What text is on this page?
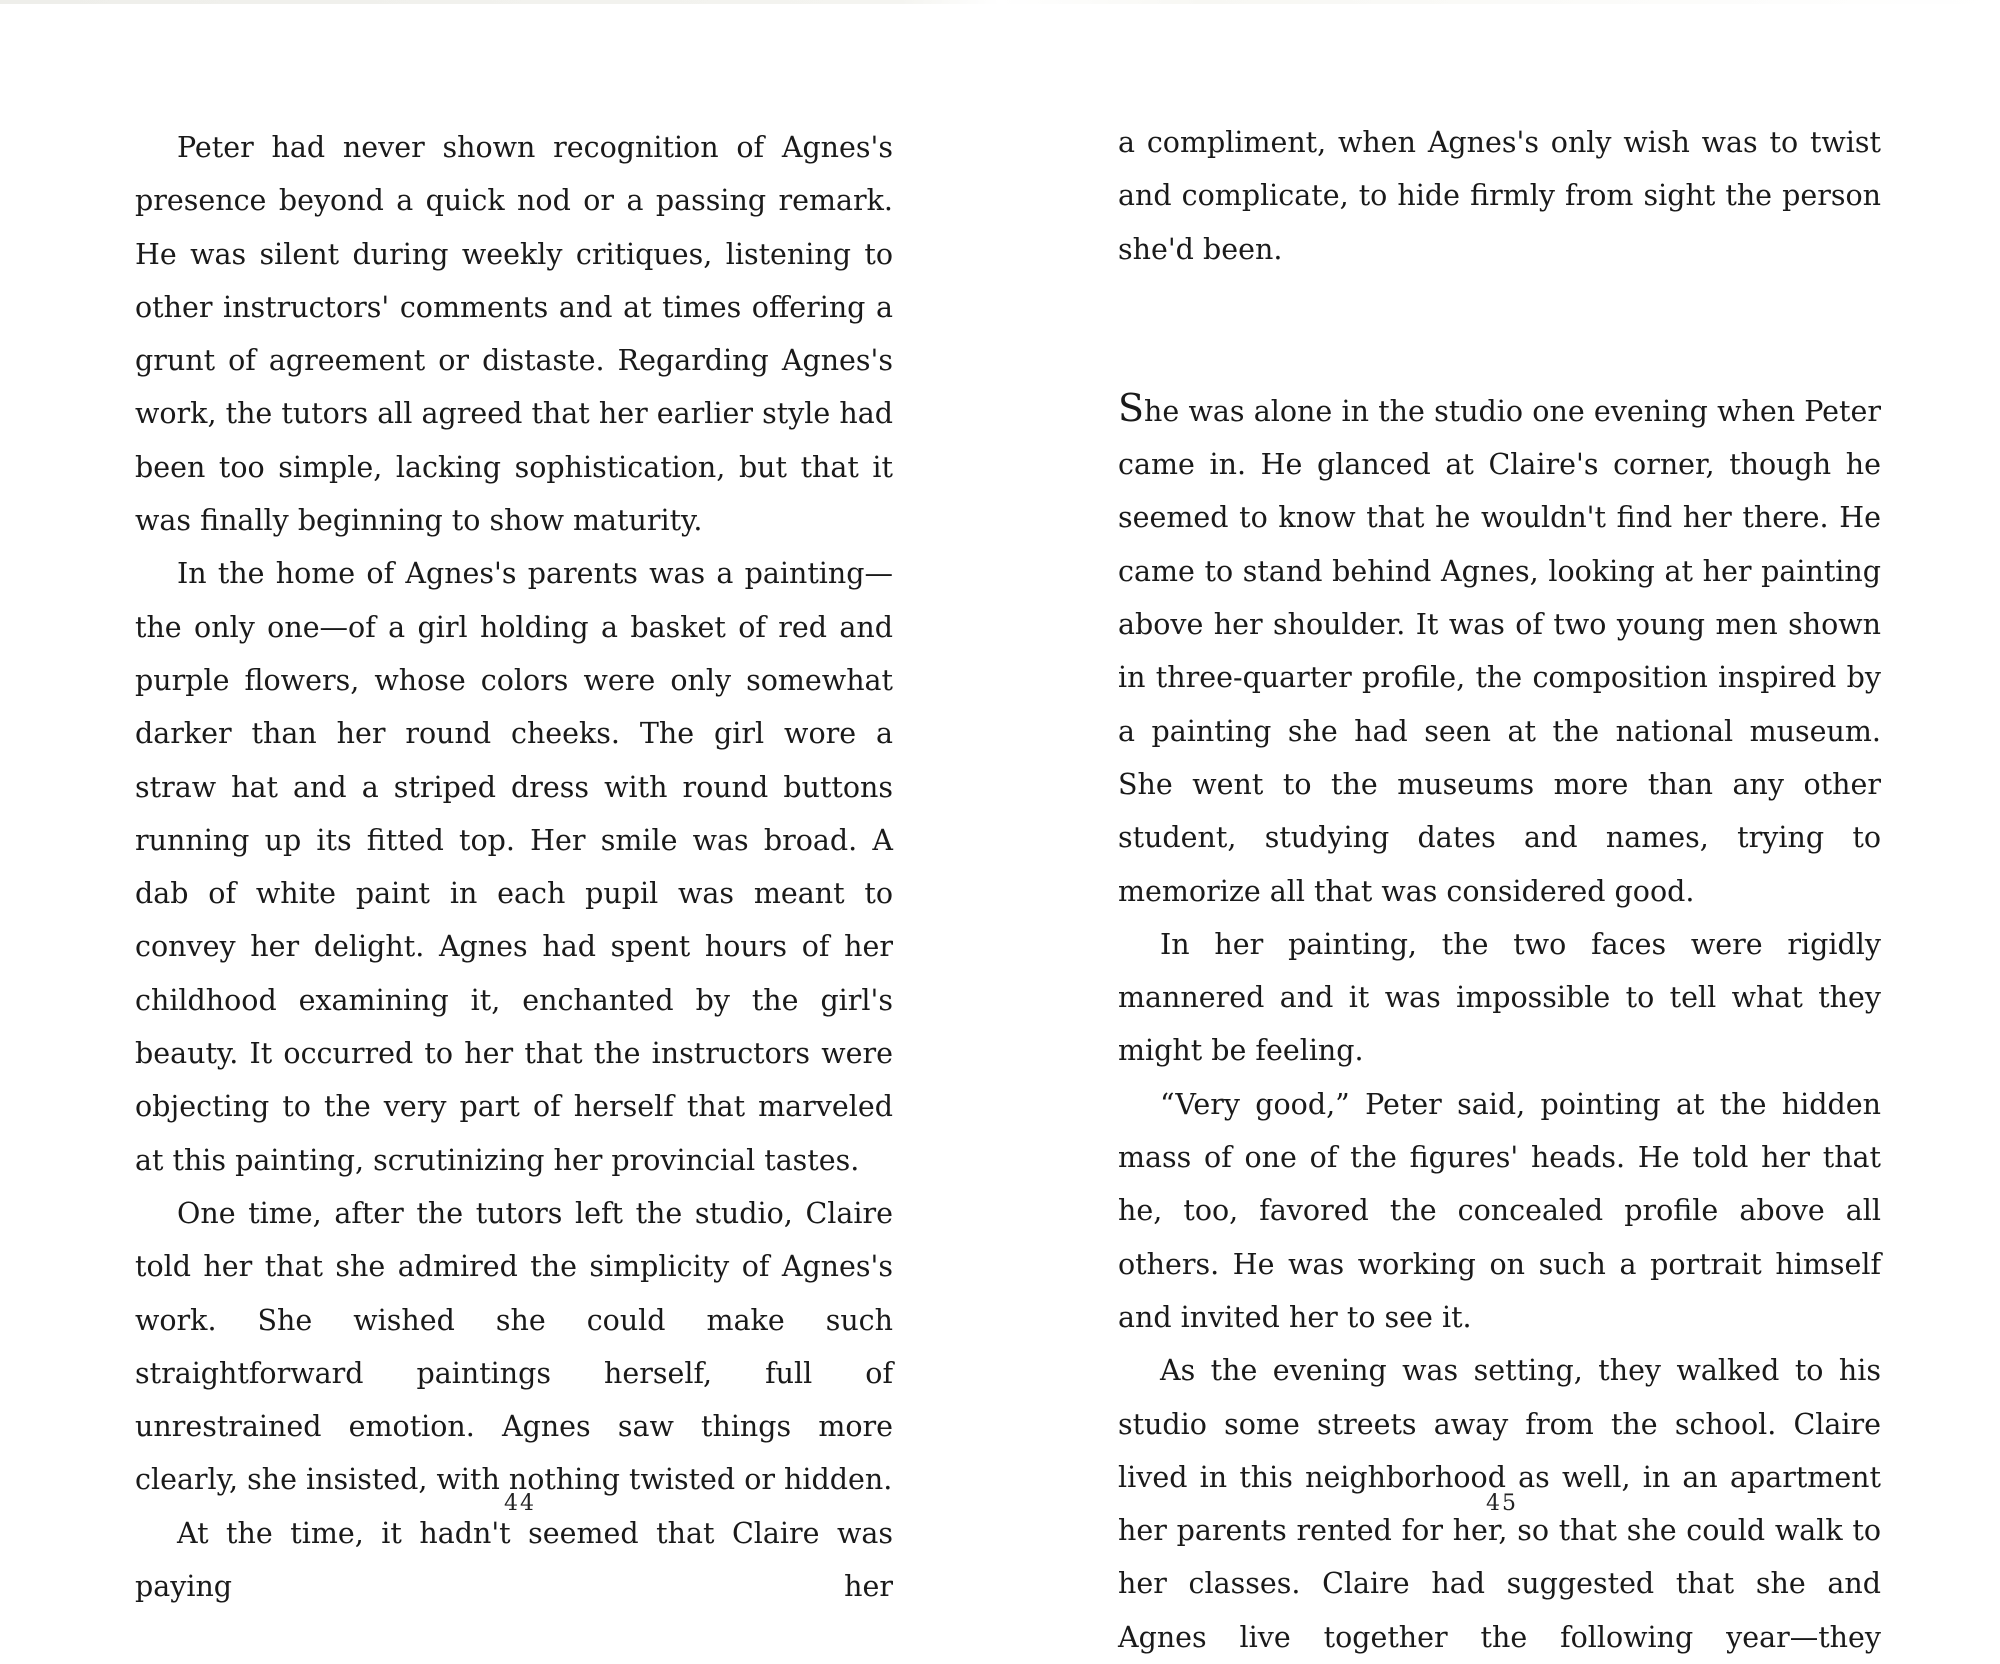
Peter had never shown recognition of Agnes's presence beyond a quick nod or a passing remark. He was silent during weekly critiques, listening to other instructors' comments and at times offering a grunt of agreement or distaste. Regarding Agnes's work, the tutors all agreed that her earlier style had been too simple, lacking sophistication, but that it was finally beginning to show maturity.

In the home of Agnes's parents was a painting—the only one—of a girl holding a basket of red and purple flowers, whose colors were only somewhat darker than her round cheeks. The girl wore a straw hat and a striped dress with round buttons running up its fitted top. Her smile was broad. A dab of white paint in each pupil was meant to convey her delight. Agnes had spent hours of her childhood examining it, enchanted by the girl's beauty. It occurred to her that the instructors were objecting to the very part of herself that marveled at this painting, scrutinizing her provincial tastes.

One time, after the tutors left the studio, Claire told her that she admired the simplicity of Agnes's work. She wished she could make such straightforward paintings herself, full of unrestrained emotion. Agnes saw things more clearly, she insisted, with nothing twisted or hidden.

At the time, it hadn't seemed that Claire was paying her

44

a compliment, when Agnes's only wish was to twist and complicate, to hide firmly from sight the person she'd been.

She was alone in the studio one evening when Peter came in. He glanced at Claire's corner, though he seemed to know that he wouldn't find her there. He came to stand behind Agnes, looking at her painting above her shoulder. It was of two young men shown in three-quarter profile, the composition inspired by a painting she had seen at the national museum. She went to the museums more than any other student, studying dates and names, trying to memorize all that was considered good.

In her painting, the two faces were rigidly mannered and it was impossible to tell what they might be feeling.

“Very good,” Peter said, pointing at the hidden mass of one of the figures' heads. He told her that he, too, favored the concealed profile above all others. He was working on such a portrait himself and invited her to see it.

As the evening was setting, they walked to his studio some streets away from the school. Claire lived in this neighborhood as well, in an apartment her parents rented for her, so that she could walk to her classes. Claire had suggested that she and Agnes live together the following year—they

45
